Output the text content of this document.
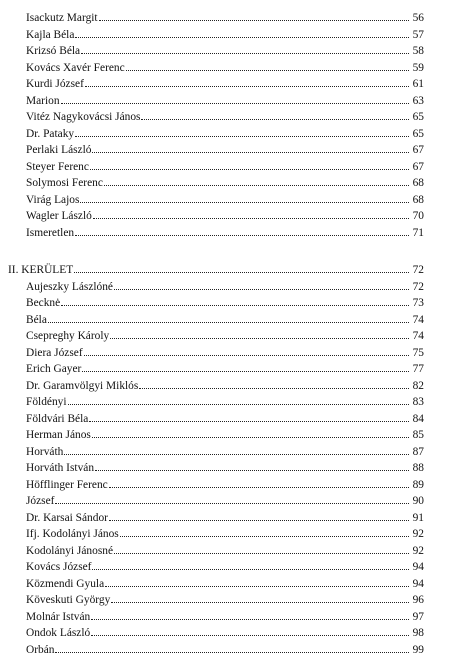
Isackutz Margit	56
Kajla Béla	57
Krizsó Béla	58
Kovács Xavér Ferenc	59
Kurdi József	61
Marion	63
Vitéz Nagykovácsi János	65
Dr. Pataky	65
Perlaki László	67
Steyer Ferenc	67
Solymosi Ferenc	68
Virág Lajos	68
Wagler László	70
Ismeretlen	71
II. KERÜLET	72
Aujeszky Lászlóné	72
Becknė	73
Béla	74
Csepreghy Károly	74
Diera József	75
Erich Gayer	77
Dr. Garamvölgyi Miklós	82
Földényi	83
Földvári Béla	84
Herman János	85
Horváth	87
Horváth István	88
Höfflinger Ferenc	89
József	90
Dr. Karsai Sándor	91
Ifj. Kodolányi János	92
Kodolányi Jánosné	92
Kovács József	94
Közmendi Gyula	94
Köveskuti György	96
Molnár István	97
Ondok László	98
Orbán	99
